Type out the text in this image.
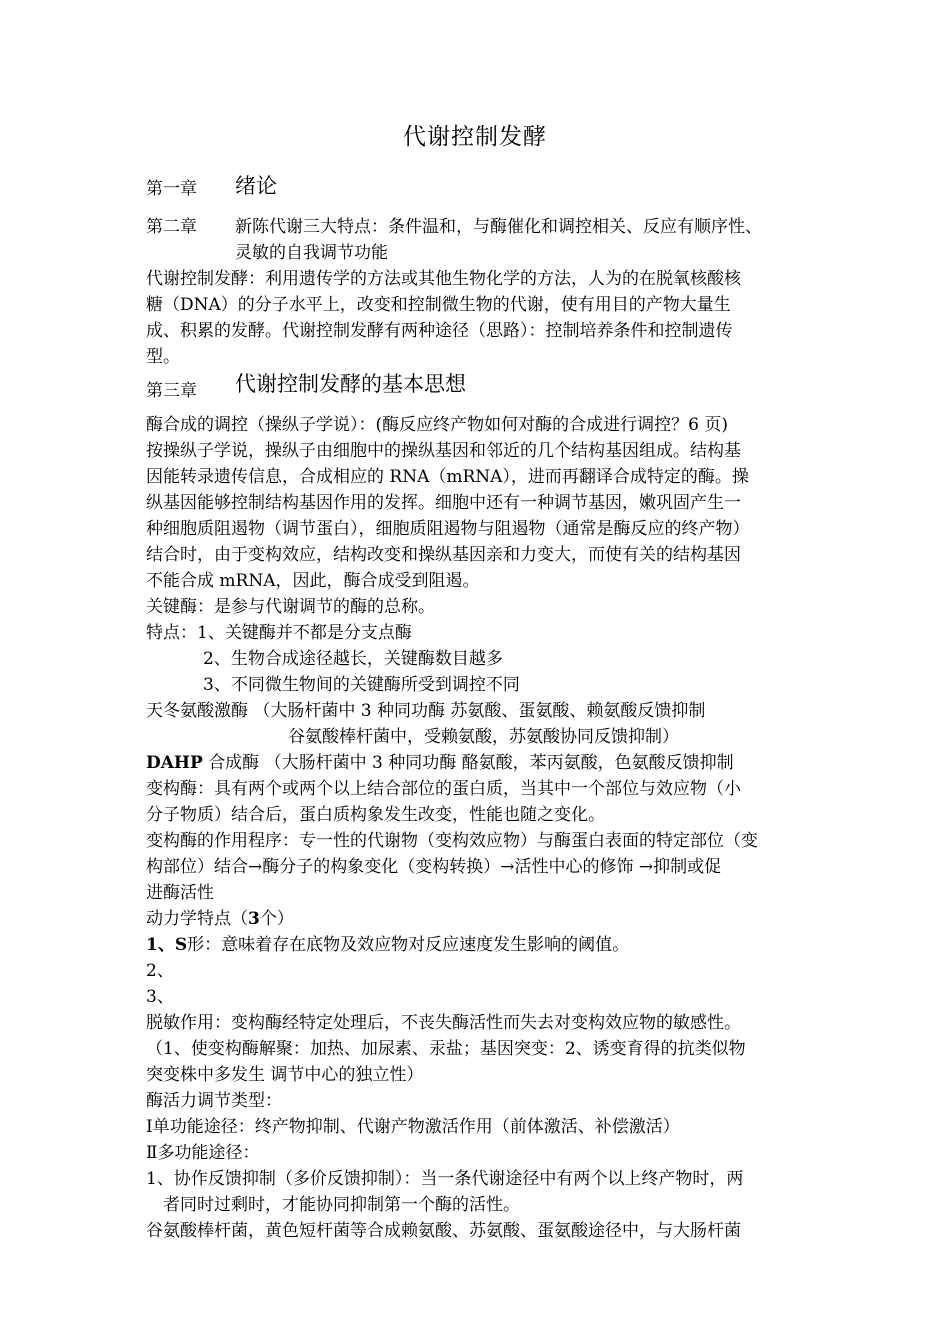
代谢控制发酵
第一章 绪论
第二章 新陈代谢三大特点：条件温和，与酶催化和调控相关、反应有顺序性、
灵敏的自我调节功能
代谢控制发酵：利用遗传学的方法或其他生物化学的方法，人为的在脱氧核酸核
糖（DNA）的分子水平上，改变和控制微生物的代谢，使有用目的产物大量生
成、积累的发酵。代谢控制发酵有两种途径（思路）：控制培养条件和控制遗传
型。
第三章 代谢控制发酵的基本思想
酶合成的调控（操纵子学说）：(酶反应终产物如何对酶的合成进行调控？6 页)
按操纵子学说，操纵子由细胞中的操纵基因和邻近的几个结构基因组成。结构基
因能转录遗传信息，合成相应的 RNA（mRNA），进而再翻译合成特定的酶。操
纵基因能够控制结构基因作用的发挥。细胞中还有一种调节基因，嫩巩固产生一
种细胞质阻遏物（调节蛋白），细胞质阻遏物与阻遏物（通常是酶反应的终产物）
结合时，由于变构效应，结构改变和操纵基因亲和力变大，而使有关的结构基因
不能合成 mRNA，因此，酶合成受到阻遏。
关键酶：是参与代谢调节的酶的总称。
特点：1、关键酶并不都是分支点酶
2、生物合成途径越长，关键酶数目越多
3、不同微生物间的关键酶所受到调控不同
天冬氨酸激酶 （大肠杆菌中 3 种同功酶 苏氨酸、蛋氨酸、赖氨酸反馈抑制
谷氨酸棒杆菌中，受赖氨酸，苏氨酸协同反馈抑制）
DAHP 合成酶 （大肠杆菌中 3 种同功酶 酪氨酸，苯丙氨酸，色氨酸反馈抑制
变构酶：具有两个或两个以上结合部位的蛋白质，当其中一个部位与效应物（小
分子物质）结合后，蛋白质构象发生改变，性能也随之变化。
变构酶的作用程序：专一性的代谢物（变构效应物）与酶蛋白表面的特定部位（变
构部位）结合→酶分子的构象变化（变构转换）→活性中心的修饰 →抑制或促
进酶活性
动力学特点（3个）
1、S形：意味着存在底物及效应物对反应速度发生影响的阈值。
2、
3、
脱敏作用：变构酶经特定处理后，不丧失酶活性而失去对变构效应物的敏感性。
（1、使变构酶解聚：加热、加尿素、汞盐；基因突变：2、诱变育得的抗类似物
突变株中多发生 调节中心的独立性）
酶活力调节类型：
Ⅰ单功能途径：终产物抑制、代谢产物激活作用（前体激活、补偿激活）
Ⅱ多功能途径：
1、协作反馈抑制（多价反馈抑制）：当一条代谢途径中有两个以上终产物时，两
者同时过剩时，才能协同抑制第一个酶的活性。
谷氨酸棒杆菌，黄色短杆菌等合成赖氨酸、苏氨酸、蛋氨酸途径中，与大肠杆菌
